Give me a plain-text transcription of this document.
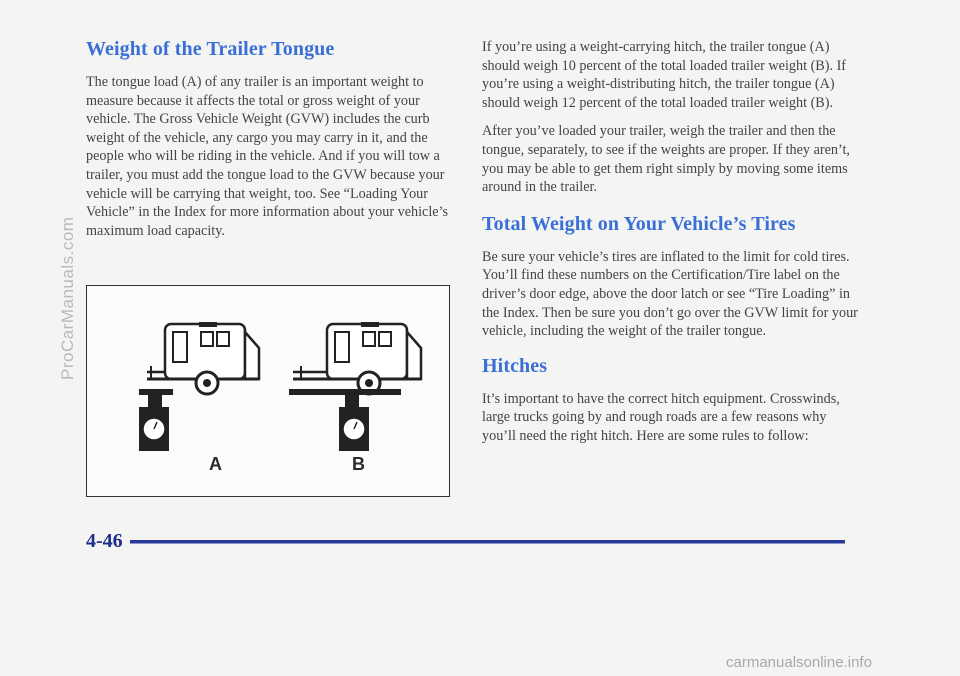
Weight of the Trailer Tongue

The tongue load (A) of any trailer is an important weight to measure because it affects the total or gross weight of your vehicle. The Gross Vehicle Weight (GVW) includes the curb weight of the vehicle, any cargo you may carry in it, and the people who will be riding in the vehicle. And if you will tow a trailer, you must add the tongue load to the GVW because your vehicle will be carrying that weight, too. See “Loading Your Vehicle” in the Index for more information about your vehicle’s maximum load capacity.

A	B

If you’re using a weight-carrying hitch, the trailer tongue (A) should weigh 10 percent of the total loaded trailer weight (B). If you’re using a weight-distributing hitch, the trailer tongue (A) should weigh 12 percent of the total loaded trailer weight (B).

After you’ve loaded your trailer, weigh the trailer and then the tongue, separately, to see if the weights are proper. If they aren’t, you may be able to get them right simply by moving some items around in the trailer.

Total Weight on Your Vehicle’s Tires

Be sure your vehicle’s tires are inflated to the limit for cold tires. You’ll find these numbers on the Certification/Tire label on the driver’s door edge, above the door latch or see “Tire Loading” in the Index. Then be sure you don’t go over the GVW limit for your vehicle, including the weight of the trailer tongue.

Hitches

It’s important to have the correct hitch equipment. Crosswinds, large trucks going by and rough roads are a few reasons why you’ll need the right hitch. Here are some rules to follow:

4-46
ProCarManuals.com
carmanualsonline.info
